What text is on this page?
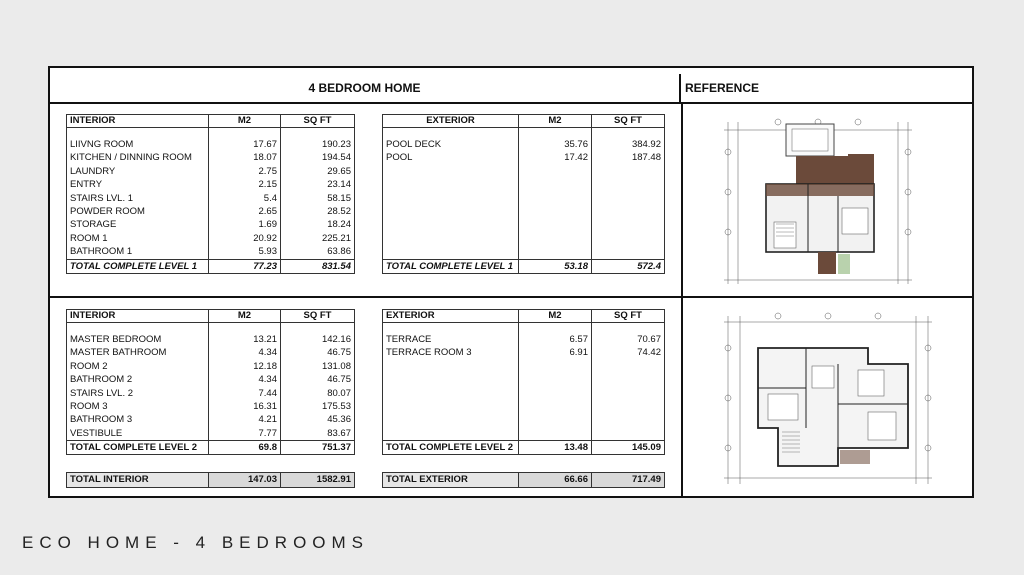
4 BEDROOM HOME	REFERENCE
INTERIOR	M2	SQ FT

LIIVNG ROOM	17.67	190.23
KITCHEN / DINNING ROOM	18.07	194.54
LAUNDRY	2.75	29.65
ENTRY	2.15	23.14
STAIRS LVL. 1	5.4	58.15
POWDER ROOM	2.65	28.52
STORAGE	1.69	18.24
ROOM 1	20.92	225.21
BATHROOM 1	5.93	63.86
TOTAL COMPLETE LEVEL 1	77.23	831.54
EXTERIOR	M2	SQ FT

POOL DECK	35.76	384.92
POOL	17.42	187.48

TOTAL COMPLETE LEVEL 1	53.18	572.4
INTERIOR	M2	SQ FT

MASTER BEDROOM	13.21	142.16
MASTER BATHROOM	4.34	46.75
ROOM 2	12.18	131.08
BATHROOM 2	4.34	46.75
STAIRS LVL. 2	7.44	80.07
ROOM 3	16.31	175.53
BATHROOM 3	4.21	45.36
VESTIBULE	7.77	83.67
TOTAL COMPLETE LEVEL 2	69.8	751.37
EXTERIOR	M2	SQ FT

TERRACE	6.57	70.67
TERRACE ROOM 3	6.91	74.42

TOTAL COMPLETE LEVEL 2	13.48	145.09
TOTAL INTERIOR	147.03	1582.91	TOTAL EXTERIOR	66.66	717.49
ECO HOME - 4 BEDROOMS
